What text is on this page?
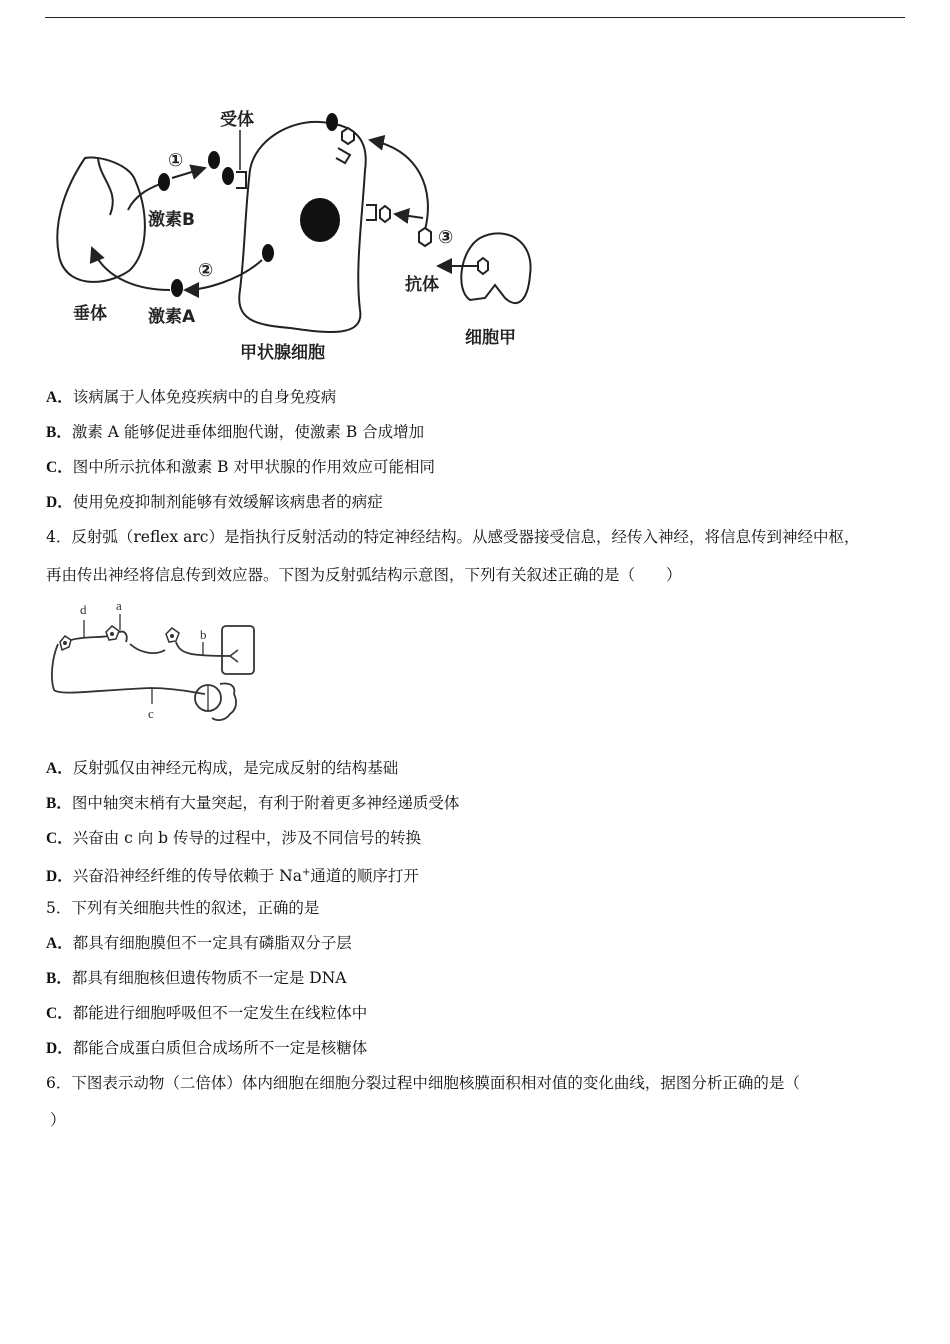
受体
①
②
③
激素B
激素A
垂体
抗体
甲状腺细胞
细胞甲
A．该病属于人体免疫疾病中的自身免疫病
B．激素 A 能够促进垂体细胞代谢，使激素 B 合成增加
C．图中所示抗体和激素 B 对甲状腺的作用效应可能相同
D．使用免疫抑制剂能够有效缓解该病患者的病症
4．反射弧（reflex arc）是指执行反射活动的特定神经结构。从感受器接受信息，经传入神经，将信息传到神经中枢，
再由传出神经将信息传到效应器。下图为反射弧结构示意图，下列有关叙述正确的是（　　）
d a
b
c
A．反射弧仅由神经元构成，是完成反射的结构基础
B．图中轴突末梢有大量突起，有利于附着更多神经递质受体
C．兴奋由 c 向 b 传导的过程中，涉及不同信号的转换
D．兴奋沿神经纤维的传导依赖于 Na+通道的顺序打开
5．下列有关细胞共性的叙述，正确的是
A．都具有细胞膜但不一定具有磷脂双分子层
B．都具有细胞核但遗传物质不一定是 DNA
C．都能进行细胞呼吸但不一定发生在线粒体中
D．都能合成蛋白质但合成场所不一定是核糖体
6．下图表示动物（二倍体）体内细胞在细胞分裂过程中细胞核膜面积相对值的变化曲线，据图分析正确的是（
）
